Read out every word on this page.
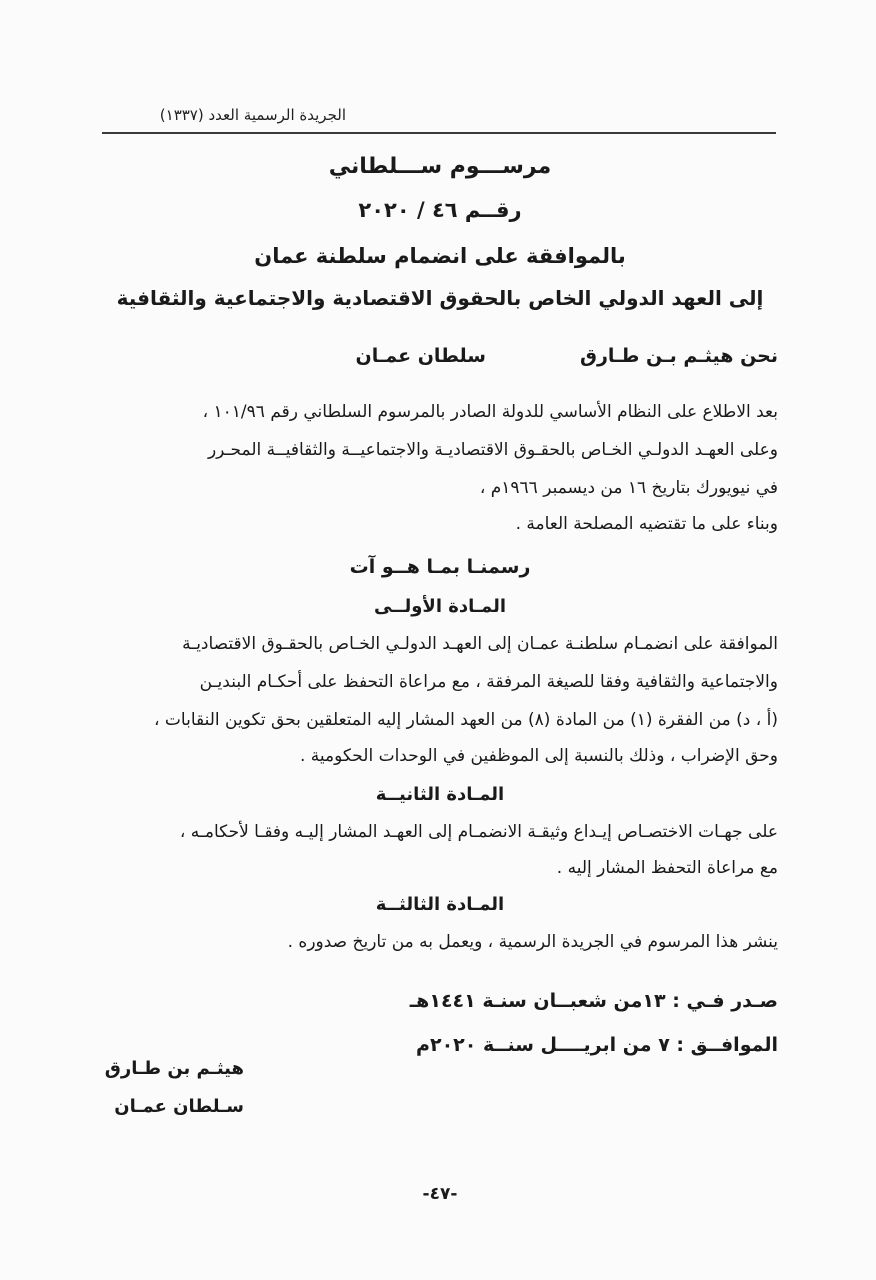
الجريدة الرسمية العدد (١٣٣٧)
مرســـوم ســـلطاني
رقــم ٤٦ / ٢٠٢٠
بالموافقة على انضمام سلطنة عمان
إلى العهد الدولي الخاص بالحقوق الاقتصادية والاجتماعية والثقافية
نحن هيثـم بـن طـارق
سلطان عمـان
بعد الاطلاع على النظام الأساسي للدولة الصادر بالمرسوم السلطاني رقم ١٠١/٩٦ ،
وعلى العهـد الدولـي الخـاص بالحقـوق الاقتصاديـة والاجتماعيــة والثقافيــة المحـرر
في نيويورك بتاريخ ١٦ من ديسمبر ١٩٦٦م ،
وبناء على ما تقتضيه المصلحة العامة .
رسمنـا بمـا هــو آت
المـادة الأولــى
الموافقة على انضمـام سلطنـة عمـان إلى العهـد الدولـي الخـاص بالحقـوق الاقتصاديـة
والاجتماعية والثقافية وفقا للصيغة المرفقة ، مع مراعاة التحفظ على أحكـام البنديـن
(أ ، د) من الفقرة (١) من المادة (٨) من العهد المشار إليه المتعلقين بحق تكوين النقابات ،
وحق الإضراب ، وذلك بالنسبة إلى الموظفين في الوحدات الحكومية .
المـادة الثانيــة
على جهـات الاختصـاص إيـداع وثيقـة الانضمـام إلى العهـد المشار إليـه وفقـا لأحكامـه ،
مع مراعاة التحفظ المشار إليه .
المـادة الثالثــة
ينشر هذا المرسوم في الجريدة الرسمية ، ويعمل به من تاريخ صدوره .
صـدر فـي : ١٣من شعبــان سنـة ١٤٤١هـ
الموافــق : ٧ من ابريــــل سنــة ٢٠٢٠م
هيثـم بن طـارق
سـلطان عمـان
-٤٧-
